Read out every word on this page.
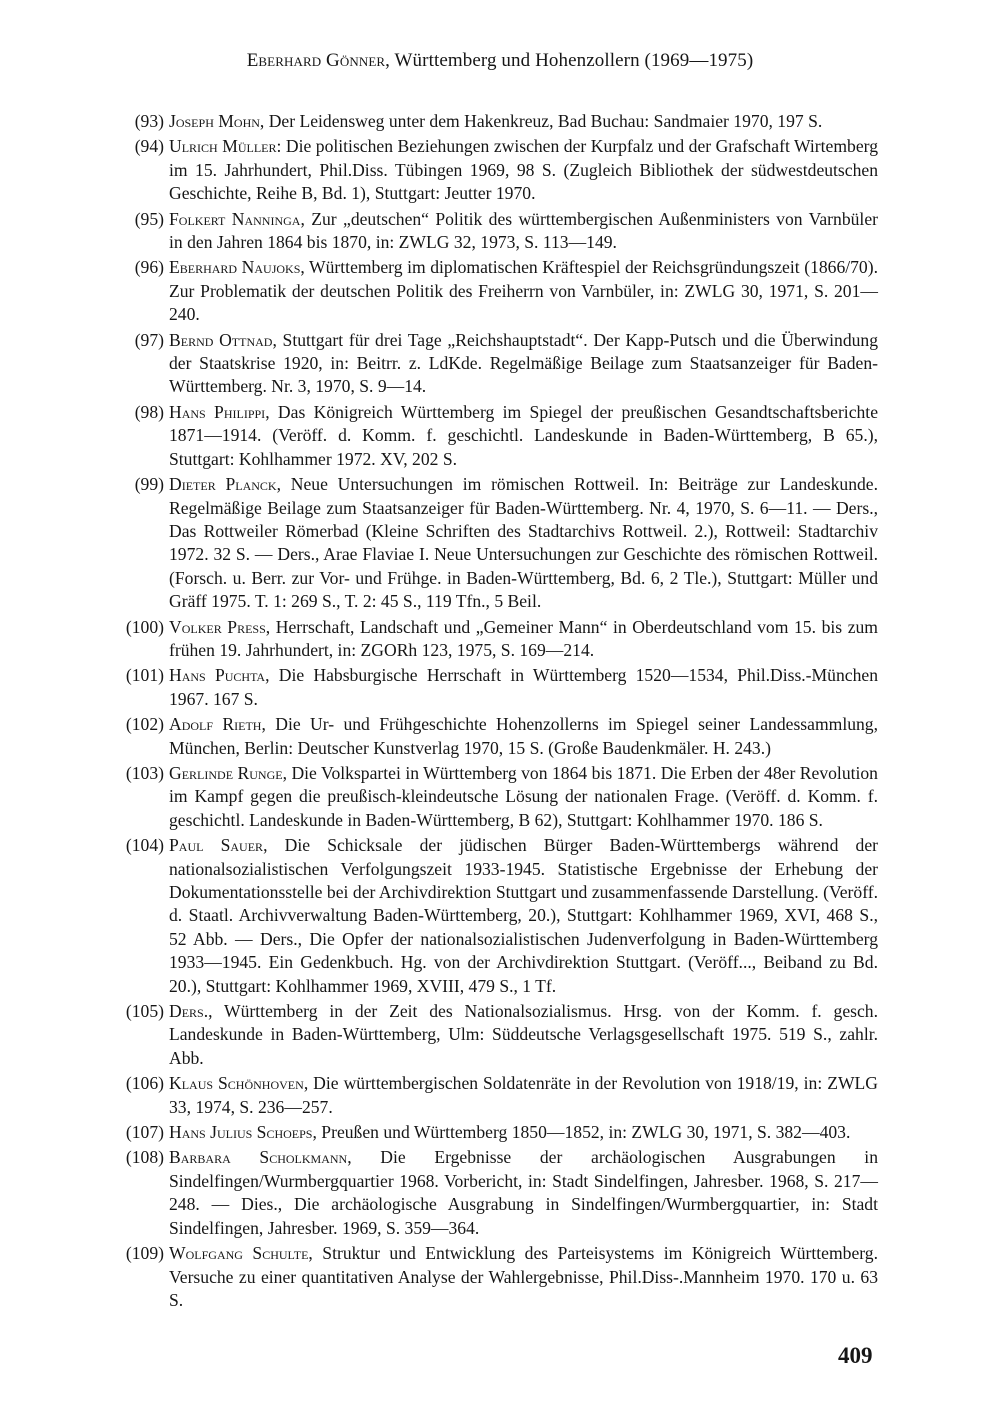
Eberhard Gönner, Württemberg und Hohenzollern (1969—1975)
(93) Joseph Mohn, Der Leidensweg unter dem Hakenkreuz, Bad Buchau: Sandmaier 1970, 197 S.
(94) Ulrich Müller: Die politischen Beziehungen zwischen der Kurpfalz und der Grafschaft Wirtemberg im 15. Jahrhundert, Phil.Diss. Tübingen 1969, 98 S. (Zugleich Bibliothek der südwestdeutschen Geschichte, Reihe B, Bd. 1), Stuttgart: Jeutter 1970.
(95) Folkert Nanninga, Zur „deutschen“ Politik des württembergischen Außenministers von Varnbüler in den Jahren 1864 bis 1870, in: ZWLG 32, 1973, S. 113—149.
(96) Eberhard Naujoks, Württemberg im diplomatischen Kräftespiel der Reichsgründungszeit (1866/70). Zur Problematik der deutschen Politik des Freiherrn von Varnbüler, in: ZWLG 30, 1971, S. 201—240.
(97) Bernd Ottnad, Stuttgart für drei Tage „Reichshauptstadt“. Der Kapp-Putsch und die Überwindung der Staatskrise 1920, in: Beitrr. z. LdKde. Regelmäßige Beilage zum Staatsanzeiger für Baden-Württemberg. Nr. 3, 1970, S. 9—14.
(98) Hans Philippi, Das Königreich Württemberg im Spiegel der preußischen Gesandtschaftsberichte 1871—1914. (Veröff. d. Komm. f. geschichtl. Landeskunde in Baden-Württemberg, B 65.), Stuttgart: Kohlhammer 1972. XV, 202 S.
(99) Dieter Planck, Neue Untersuchungen im römischen Rottweil. In: Beiträge zur Landeskunde. Regelmäßige Beilage zum Staatsanzeiger für Baden-Württemberg. Nr. 4, 1970, S. 6—11. — Ders., Das Rottweiler Römerbad (Kleine Schriften des Stadtarchivs Rottweil. 2.), Rottweil: Stadtarchiv 1972. 32 S. — Ders., Arae Flaviae I. Neue Untersuchungen zur Geschichte des römischen Rottweil. (Forsch. u. Berr. zur Vor- und Frühge. in Baden-Württemberg, Bd. 6, 2 Tle.), Stuttgart: Müller und Gräff 1975. T. 1: 269 S., T. 2: 45 S., 119 Tfn., 5 Beil.
(100) Volker Press, Herrschaft, Landschaft und „Gemeiner Mann“ in Oberdeutschland vom 15. bis zum frühen 19. Jahrhundert, in: ZGORh 123, 1975, S. 169—214.
(101) Hans Puchta, Die Habsburgische Herrschaft in Württemberg 1520—1534, Phil.Diss.-München 1967. 167 S.
(102) Adolf Rieth, Die Ur- und Frühgeschichte Hohenzollerns im Spiegel seiner Landessammlung, München, Berlin: Deutscher Kunstverlag 1970, 15 S. (Große Baudenkmäler. H. 243.)
(103) Gerlinde Runge, Die Volkspartei in Württemberg von 1864 bis 1871. Die Erben der 48er Revolution im Kampf gegen die preußisch-kleindeutsche Lösung der nationalen Frage. (Veröff. d. Komm. f. geschichtl. Landeskunde in Baden-Württemberg, B 62), Stuttgart: Kohlhammer 1970. 186 S.
(104) Paul Sauer, Die Schicksale der jüdischen Bürger Baden-Württembergs während der nationalsozialistischen Verfolgungszeit 1933-1945. Statistische Ergebnisse der Erhebung der Dokumentationsstelle bei der Archivdirektion Stuttgart und zusammenfassende Darstellung. (Veröff. d. Staatl. Archivverwaltung Baden-Württemberg, 20.), Stuttgart: Kohlhammer 1969, XVI, 468 S., 52 Abb. — Ders., Die Opfer der nationalsozialistischen Judenverfolgung in Baden-Württemberg 1933—1945. Ein Gedenkbuch. Hg. von der Archivdirektion Stuttgart. (Veröff..., Beiband zu Bd. 20.), Stuttgart: Kohlhammer 1969, XVIII, 479 S., 1 Tf.
(105) Ders., Württemberg in der Zeit des Nationalsozialismus. Hrsg. von der Komm. f. gesch. Landeskunde in Baden-Württemberg, Ulm: Süddeutsche Verlagsgesellschaft 1975. 519 S., zahlr. Abb.
(106) Klaus Schönhoven, Die württembergischen Soldatenräte in der Revolution von 1918/19, in: ZWLG 33, 1974, S. 236—257.
(107) Hans Julius Schoeps, Preußen und Württemberg 1850—1852, in: ZWLG 30, 1971, S. 382—403.
(108) Barbara Scholkmann, Die Ergebnisse der archäologischen Ausgrabungen in Sindelfingen/Wurmbergquartier 1968. Vorbericht, in: Stadt Sindelfingen, Jahresber. 1968, S. 217—248. — Dies., Die archäologische Ausgrabung in Sindelfingen/Wurmbergquartier, in: Stadt Sindelfingen, Jahresber. 1969, S. 359—364.
(109) Wolfgang Schulte, Struktur und Entwicklung des Parteisystems im Königreich Württemberg. Versuche zu einer quantitativen Analyse der Wahlergebnisse, Phil.Diss-.Mannheim 1970. 170 u. 63 S.
409
